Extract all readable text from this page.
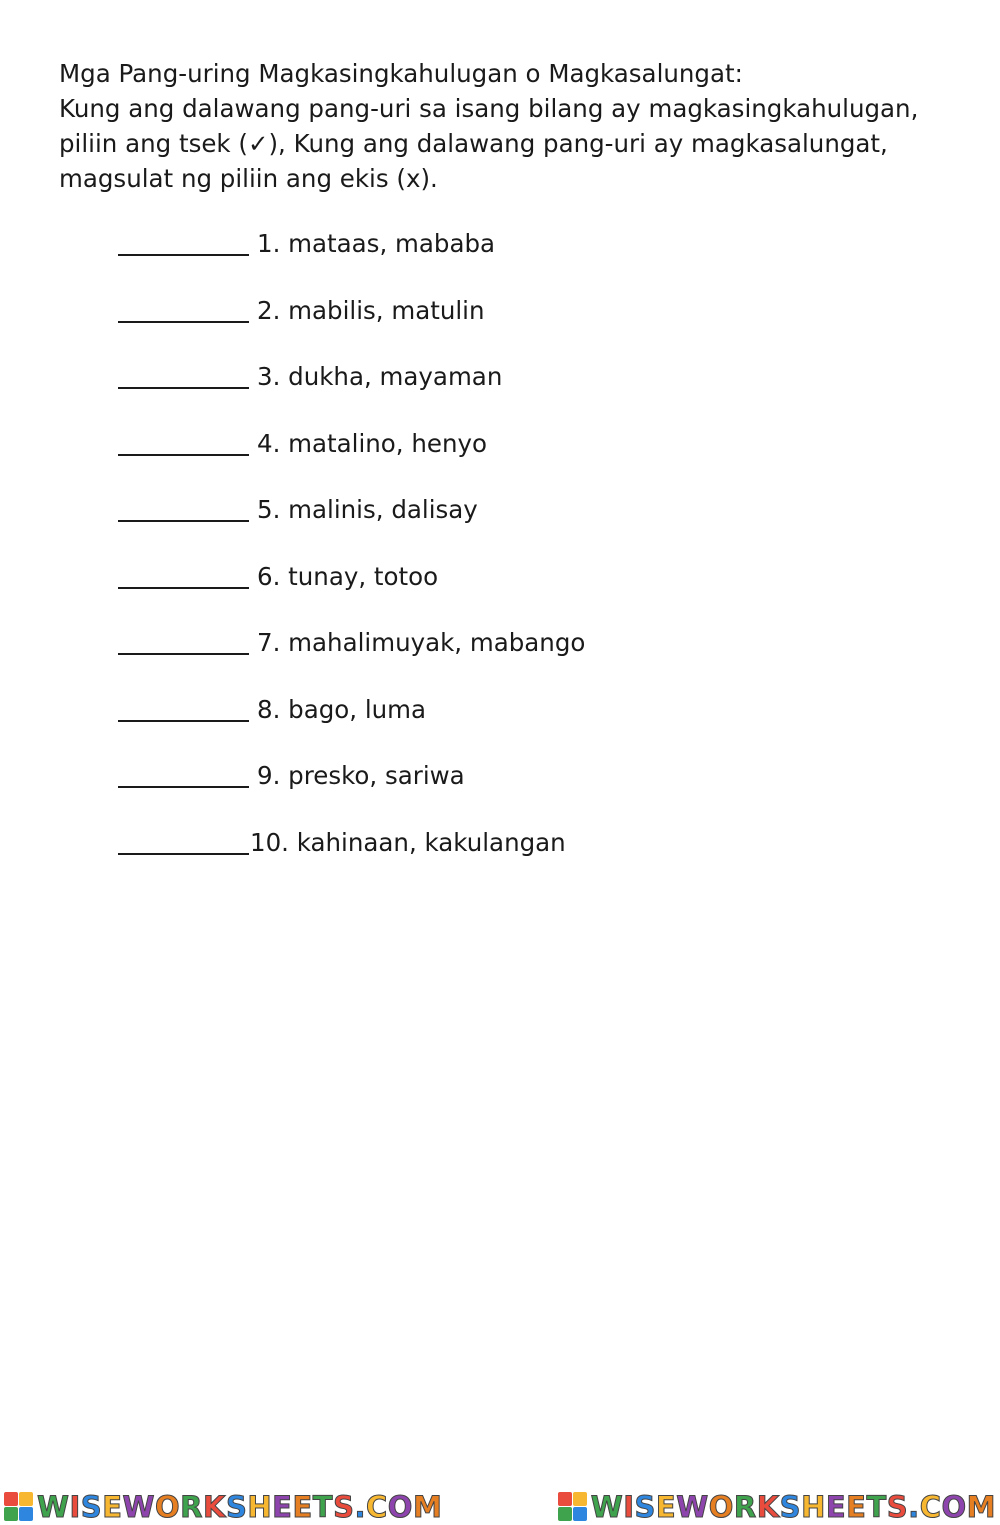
Mga Pang-uring Magkasingkahulugan o Magkasalungat:
Kung ang dalawang pang-uri sa isang bilang ay magkasingkahulugan,
piliin ang tsek (✓), Kung ang dalawang pang-uri ay magkasalungat,
magsulat ng piliin ang ekis (x).
1. mataas, mababa
2. mabilis, matulin
3. dukha, mayaman
4. matalino, henyo
5. malinis, dalisay
6. tunay, totoo
7. mahalimuyak, mabango
8. bago, luma
9. presko, sariwa
10. kahinaan, kakulangan
WISEWORKSHEETS.COM	WISEWORKSHEETS.COM
